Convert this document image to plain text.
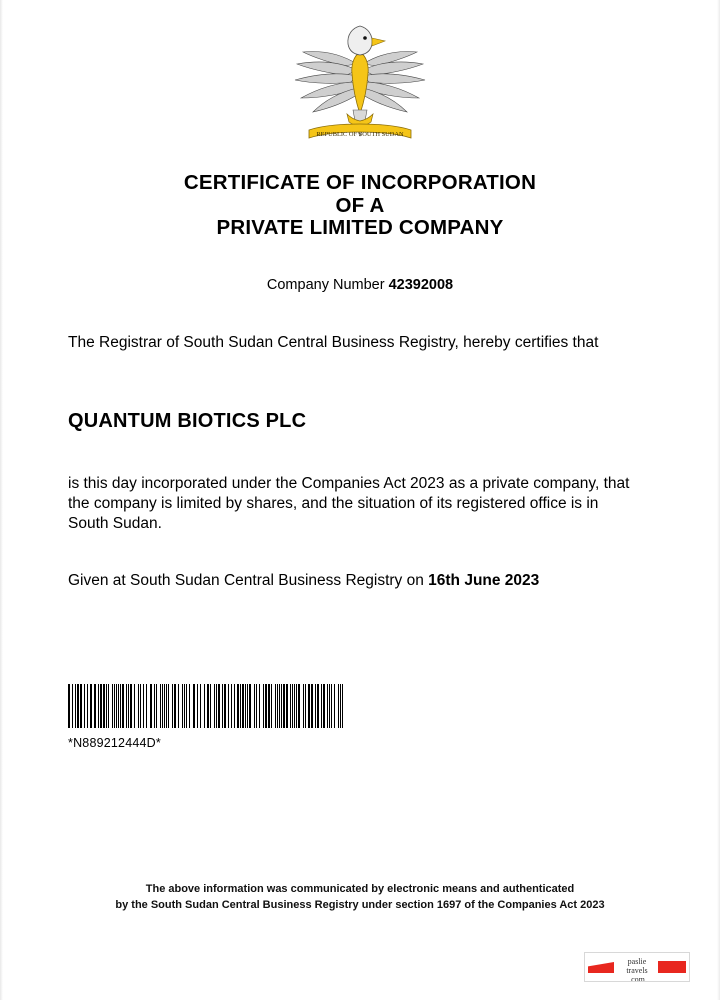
REPUBLIC OF SOUTH SUDAN
CERTIFICATE OF INCORPORATION
OF A
PRIVATE LIMITED COMPANY
Company Number 42392008
The Registrar of South Sudan Central Business Registry, hereby certifies that
QUANTUM BIOTICS PLC
is this day incorporated under the Companies Act 2023 as a private company, that the company is limited by shares, and the situation of its registered office is in South Sudan.
Given at South Sudan Central Business Registry on 16th June 2023
*N889212444D*
The above information was communicated by electronic means and authenticated
by the South Sudan Central Business Registry under section 1697 of the Companies Act 2023
pasliе
travels
.com
